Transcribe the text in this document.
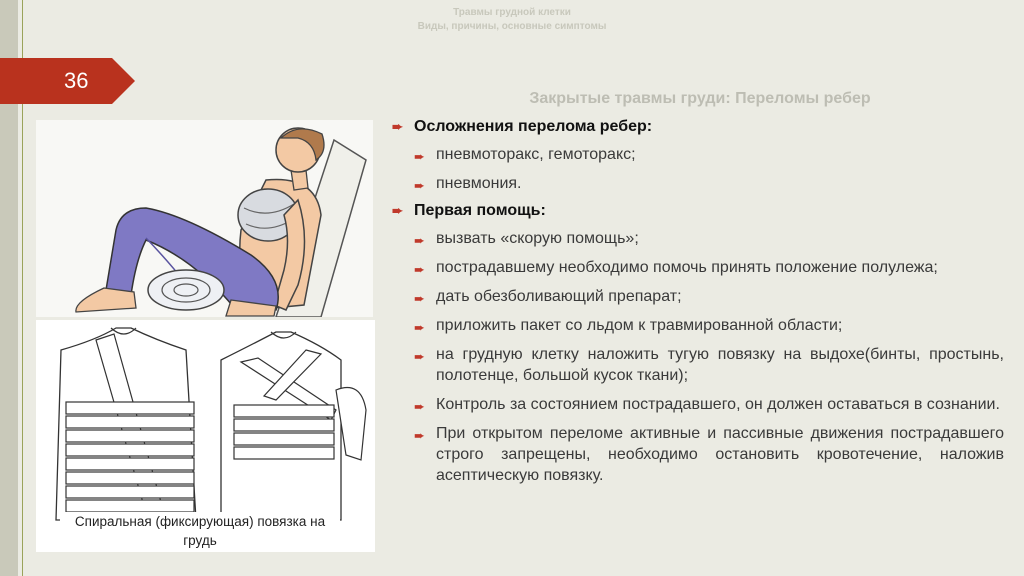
Травмы грудной клетки
Виды, причины, основные симптомы
36
Закрытые травмы груди: Переломы ребер
Спиральная (фиксирующая) повязка на грудь
➨ Осложнения перелома ребер:
➨ пневмоторакс, гемоторакс;
➨ пневмония.
➨ Первая помощь:
➨ вызвать «скорую помощь»;
➨ пострадавшему необходимо помочь принять положение полулежа;
➨ дать обезболивающий препарат;
➨ приложить пакет со льдом к травмированной области;
➨ на грудную клетку наложить тугую повязку на выдохе(бинты, простынь, полотенце, большой кусок ткани);
➨ Контроль за состоянием пострадавшего, он должен оставаться в сознании.
➨ При открытом переломе активные и пассивные движения пострадавшего строго запрещены, необходимо остановить кровотечение, наложив асептическую повязку.
